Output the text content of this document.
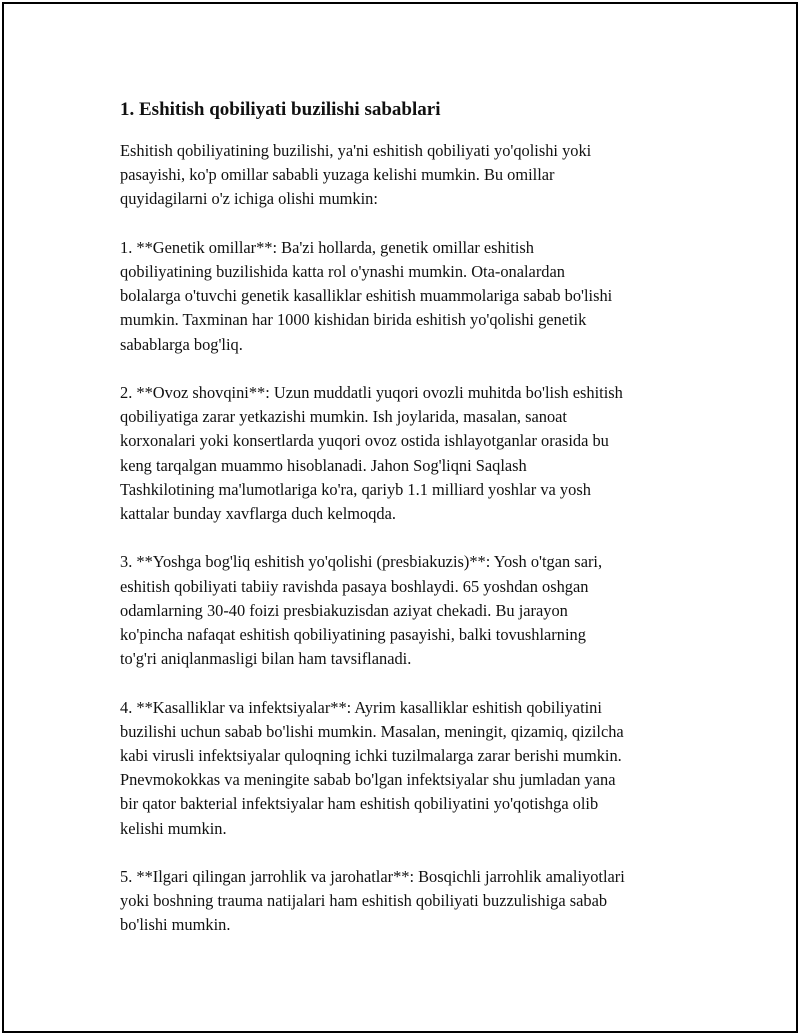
1. Eshitish qobiliyati buzilishi sabablari

Eshitish qobiliyatining buzilishi, ya'ni eshitish qobiliyati yo'qolishi yoki
pasayishi, ko'p omillar sababli yuzaga kelishi mumkin. Bu omillar
quyidagilarni o'z ichiga olishi mumkin:

1. **Genetik omillar**: Ba'zi hollarda, genetik omillar eshitish
qobiliyatining buzilishida katta rol o'ynashi mumkin. Ota-onalardan
bolalarga o'tuvchi genetik kasalliklar eshitish muammolariga sabab bo'lishi
mumkin. Taxminan har 1000 kishidan birida eshitish yo'qolishi genetik
sabablarga bog'liq.

2. **Ovoz shovqini**: Uzun muddatli yuqori ovozli muhitda bo'lish eshitish
qobiliyatiga zarar yetkazishi mumkin. Ish joylarida, masalan, sanoat
korxonalari yoki konsertlarda yuqori ovoz ostida ishlayotganlar orasida bu
keng tarqalgan muammo hisoblanadi. Jahon Sog'liqni Saqlash
Tashkilotining ma'lumotlariga ko'ra, qariyb 1.1 milliard yoshlar va yosh
kattalar bunday xavflarga duch kelmoqda.

3. **Yoshga bog'liq eshitish yo'qolishi (presbiakuzis)**: Yosh o'tgan sari,
eshitish qobiliyati tabiiy ravishda pasaya boshlaydi. 65 yoshdan oshgan
odamlarning 30-40 foizi presbiakuzisdan aziyat chekadi. Bu jarayon
ko'pincha nafaqat eshitish qobiliyatining pasayishi, balki tovushlarning
to'g'ri aniqlanmasligi bilan ham tavsiflanadi.

4. **Kasalliklar va infektsiyalar**: Ayrim kasalliklar eshitish qobiliyatini
buzilishi uchun sabab bo'lishi mumkin. Masalan, meningit, qizamiq, qizilcha
kabi virusli infektsiyalar quloqning ichki tuzilmalarga zarar berishi mumkin.
Pnevmokokkas va meningite sabab bo'lgan infektsiyalar shu jumladan yana
bir qator bakterial infektsiyalar ham eshitish qobiliyatini yo'qotishga olib
kelishi mumkin.

5. **Ilgari qilingan jarrohlik va jarohatlar**: Bosqichli jarrohlik amaliyotlari
yoki boshning trauma natijalari ham eshitish qobiliyati buzzulishiga sabab
bo'lishi mumkin.
